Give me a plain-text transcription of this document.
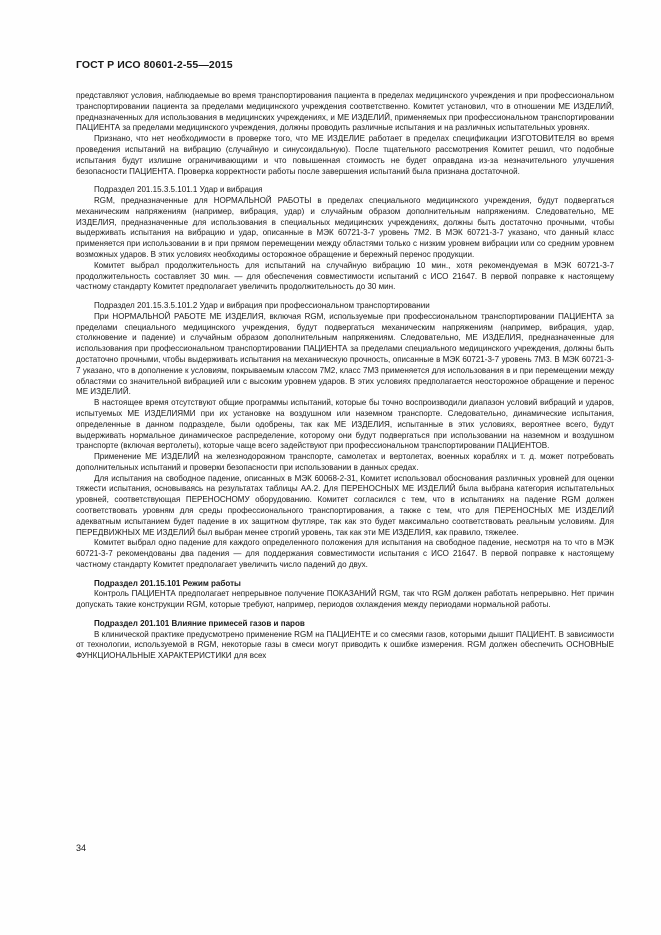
ГОСТ Р ИСО 80601-2-55—2015

представляют условия, наблюдаемые во время транспортирования пациента в пределах медицинского учреждения и при профессиональном транспортировании пациента за пределами медицинского учреждения соответственно. Комитет установил, что в отношении МЕ ИЗДЕЛИЙ, предназначенных для использования в медицинских учреждениях, и МЕ ИЗДЕЛИЙ, применяемых при профессиональном транспортировании ПАЦИЕНТА за пределами медицинского учреждения, должны проводить различные испытания и на различных испытательных уровнях.

Признано, что нет необходимости в проверке того, что МЕ ИЗДЕЛИЕ работает в пределах спецификации ИЗГОТОВИТЕЛЯ во время проведения испытаний на вибрацию (случайную и синусоидальную). После тщательного рассмотрения Комитет решил, что подобные испытания будут излишне ограничивающими и что повышенная стоимость не будет оправдана из-за незначительного улучшения безопасности ПАЦИЕНТА. Проверка корректности работы после завершения испытаний была признана достаточной.

Подраздел 201.15.3.5.101.1 Удар и вибрация

RGM, предназначенные для НОРМАЛЬНОЙ РАБОТЫ в пределах специального медицинского учреждения, будут подвергаться механическим напряжениям (например, вибрация, удар) и случайным образом дополнительным напряжениям. Следовательно, МЕ ИЗДЕЛИЯ, предназначенные для использования в специальных медицинских учреждениях, должны быть достаточно прочными, чтобы выдерживать испытания на вибрацию и удар, описанные в МЭК 60721-3-7 уровень 7М2. В МЭК 60721-3-7 указано, что данный класс применяется при использовании в и при прямом перемещении между областями только с низким уровнем вибрации или со средним уровнем возможных ударов. В этих условиях необходимы осторожное обращение и бережный перенос продукции.

Комитет выбрал продолжительность для испытаний на случайную вибрацию 10 мин., хотя рекомендуемая в МЭК 60721-3-7 продолжительность составляет 30 мин. — для обеспечения совместимости испытаний с ИСО 21647. В первой поправке к настоящему частному стандарту Комитет предполагает увеличить продолжительность до 30 мин.

Подраздел 201.15.3.5.101.2 Удар и вибрация при профессиональном транспортировании

При НОРМАЛЬНОЙ РАБОТЕ МЕ ИЗДЕЛИЯ, включая RGM, используемые при профессиональном транспортировании ПАЦИЕНТА за пределами специального медицинского учреждения, будут подвергаться механическим напряжениям (например, вибрация, удар, столкновение и падение) и случайным образом дополнительным напряжениям. Следовательно, МЕ ИЗДЕЛИЯ, предназначенные для использования при профессиональном транспортировании ПАЦИЕНТА за пределами специального медицинского учреждения, должны быть достаточно прочными, чтобы выдерживать испытания на механическую прочность, описанные в МЭК 60721-3-7 уровень 7М3. В МЭК 60721-3-7 указано, что в дополнение к условиям, покрываемым классом 7М2, класс 7М3 применяется для использования в и при перемещении между областями со значительной вибрацией или с высоким уровнем ударов. В этих условиях предполагается неосторожное обращение и перенос МЕ ИЗДЕЛИЙ.

В настоящее время отсутствуют общие программы испытаний, которые бы точно воспроизводили диапазон условий вибраций и ударов, испытуемых МЕ ИЗДЕЛИЯМИ при их установке на воздушном или наземном транспорте. Следовательно, динамические испытания, определенные в данном подразделе, были одобрены, так как МЕ ИЗДЕЛИЯ, испытанные в этих условиях, вероятнее всего, будут выдерживать нормальное динамическое распределение, которому они будут подвергаться при использовании на наземном и воздушном транспорте (включая вертолеты), которые чаще всего задействуют при профессиональном транспортировании ПАЦИЕНТОВ.

Применение МЕ ИЗДЕЛИЙ на железнодорожном транспорте, самолетах и вертолетах, военных кораблях и т. д. может потребовать дополнительных испытаний и проверки безопасности при использовании в данных средах.

Для испытания на свободное падение, описанных в МЭК 60068-2-31, Комитет использовал обоснования различных уровней для оценки тяжести испытания, основываясь на результатах таблицы АА.2. Для ПЕРЕНОСНЫХ МЕ ИЗДЕЛИЙ была выбрана категория испытательных уровней, соответствующая ПЕРЕНОСНОМУ оборудованию. Комитет согласился с тем, что в испытаниях на падение RGM должен соответствовать уровням для среды профессионального транспортирования, а также с тем, что для ПЕРЕНОСНЫХ МЕ ИЗДЕЛИЙ адекватным испытанием будет падение в их защитном футляре, так как это будет максимально соответствовать реальным условиям. Для ПЕРЕДВИЖНЫХ МЕ ИЗДЕЛИЙ был выбран менее строгий уровень, так как эти МЕ ИЗДЕЛИЯ, как правило, тяжелее.

Комитет выбрал одно падение для каждого определенного положения для испытания на свободное падение, несмотря на то что в МЭК 60721-3-7 рекомендованы два падения — для поддержания совместимости испытания с ИСО 21647. В первой поправке к настоящему частному стандарту Комитет предполагает увеличить число падений до двух.

Подраздел 201.15.101 Режим работы

Контроль ПАЦИЕНТА предполагает непрерывное получение ПОКАЗАНИЙ RGM, так что RGM должен работать непрерывно. Нет причин допускать такие конструкции RGM, которые требуют, например, периодов охлаждения между периодами нормальной работы.

Подраздел 201.101 Влияние примесей газов и паров

В клинической практике предусмотрено применение RGM на ПАЦИЕНТЕ и со смесями газов, которыми дышит ПАЦИЕНТ. В зависимости от технологии, используемой в RGM, некоторые газы в смеси могут приводить к ошибке измерения. RGM должен обеспечить ОСНОВНЫЕ ФУНКЦИОНАЛЬНЫЕ ХАРАКТЕРИСТИКИ для всех

34
